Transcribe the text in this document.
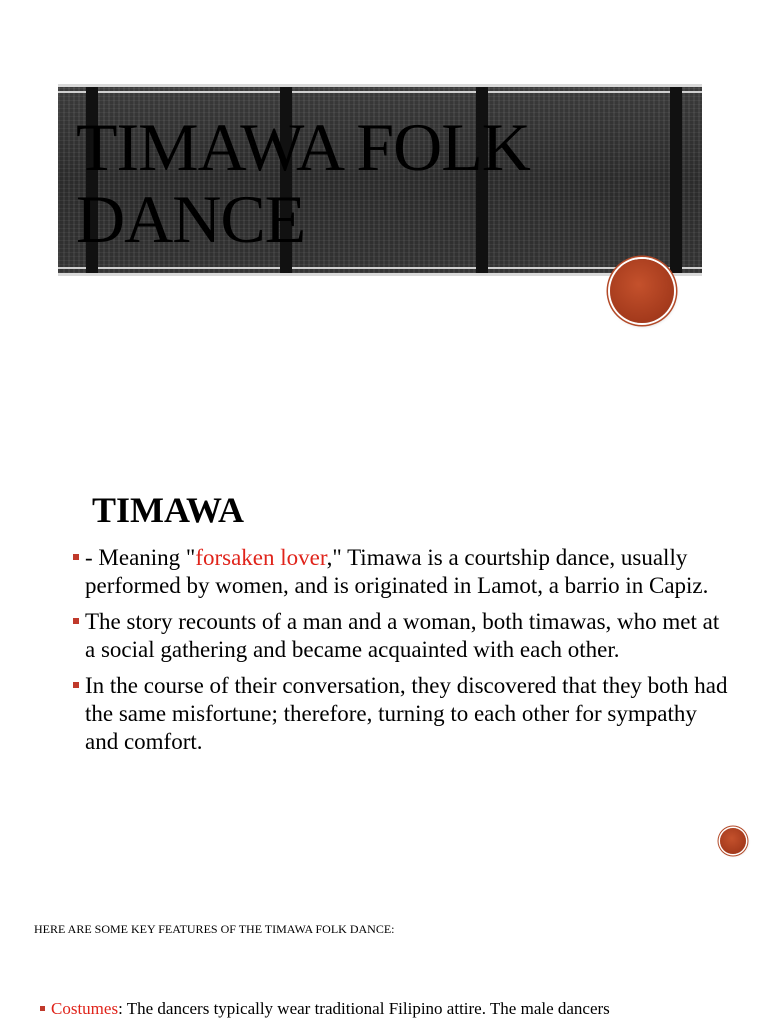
TIMAWA FOLK
DANCE
TIMAWA
- Meaning "forsaken lover," Timawa is a courtship dance, usually performed by women, and is originated in Lamot, a barrio in Capiz.
The story recounts of a man and a woman, both timawas, who met at a social gathering and became acquainted with each other.
In the course of their conversation, they discovered that they both had the same misfortune; therefore, turning to each other for sympathy and comfort.
HERE ARE SOME KEY FEATURES OF THE TIMAWA FOLK DANCE:

Costumes: The dancers typically wear traditional Filipino attire. The male dancers
